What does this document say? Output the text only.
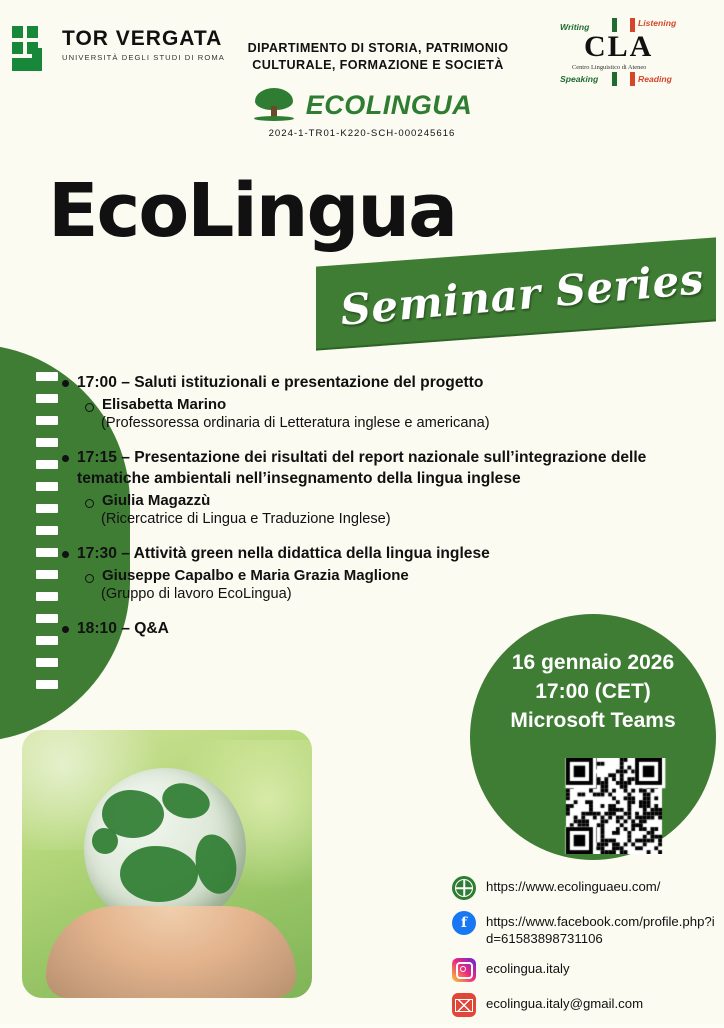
TOR VERGATA
UNIVERSITÀ DEGLI STUDI DI ROMA
DIPARTIMENTO DI STORIA, PATRIMONIO CULTURALE, FORMAZIONE E SOCIETÀ
Writing	Listening
CLA
Centro Linguistico di Ateneo
Speaking	Reading
ECOLINGUA
2024-1-TR01-K220-SCH-000245616
EcoLingua
Seminar Series
17:00 – Saluti istituzionali e presentazione del progetto
Elisabetta Marino
(Professoressa ordinaria di Letteratura inglese e americana)
17:15 – Presentazione dei risultati del report nazionale sull’integrazione delle tematiche ambientali nell’insegnamento della lingua inglese
Giulia Magazzù
(Ricercatrice di Lingua e Traduzione Inglese)
17:30 – Attività green nella didattica della lingua inglese
Giuseppe Capalbo e Maria Grazia Maglione
(Gruppo di lavoro EcoLingua)
18:10 – Q&A
16 gennaio 2026
17:00 (CET)
Microsoft Teams
https://www.ecolinguaeu.com/
f	https://www.facebook.com/profile.php?id=61583898731106
ecolingua.italy
ecolingua.italy@gmail.com
